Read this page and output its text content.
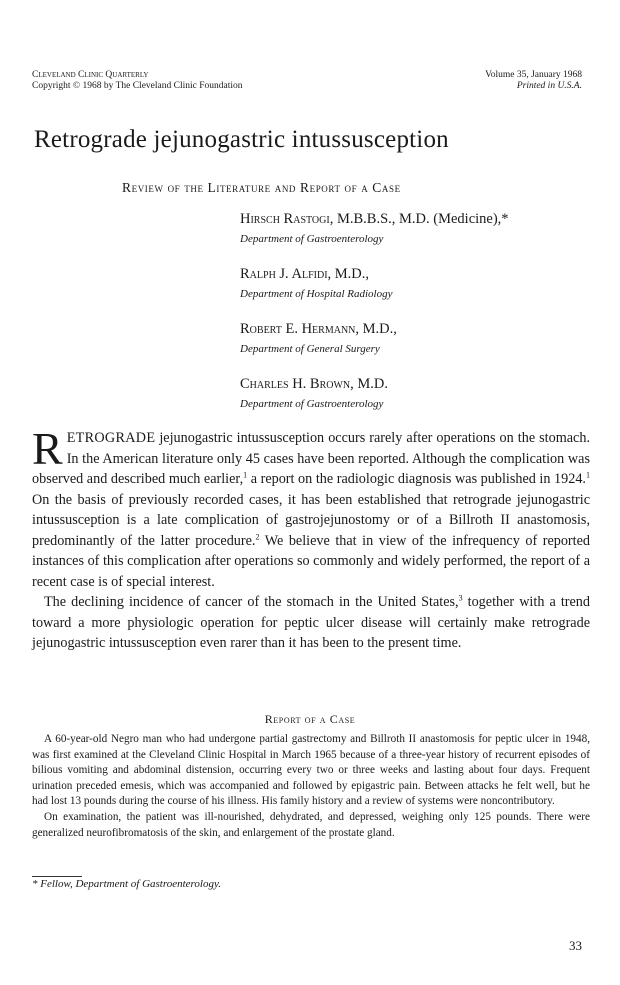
Cleveland Clinic Quarterly
Copyright © 1968 by The Cleveland Clinic Foundation
Volume 35, January 1968
Printed in U.S.A.
Retrograde jejunogastric intussusception
Review of the Literature and Report of a Case
Hirsch Rastogi, M.B.B.S., M.D. (Medicine),*
Department of Gastroenterology
Ralph J. Alfidi, M.D.,
Department of Hospital Radiology
Robert E. Hermann, M.D.,
Department of General Surgery
Charles H. Brown, M.D.
Department of Gastroenterology

RETROGRADE jejunogastric intussusception occurs rarely after operations on the stomach. In the American literature only 45 cases have been reported. Although the complication was observed and described much earlier,$^1$ a report on the radiologic diagnosis was published in 1924.$^1$ On the basis of previously recorded cases, it has been established that retrograde jejunogastric intussusception is a late complication of gastrojejunostomy or of a Billroth II anastomosis, predominantly of the latter procedure.$^2$ We believe that in view of the infrequency of reported instances of this complication after operations so commonly and widely performed, the report of a recent case is of special interest.

The declining incidence of cancer of the stomach in the United States,$^3$ together with a trend toward a more physiologic operation for peptic ulcer disease will certainly make retrograde jejunogastric intussusception even rarer than it has been to the present time.

Report of a Case

A 60-year-old Negro man who had undergone partial gastrectomy and Billroth II anastomosis for peptic ulcer in 1948, was first examined at the Cleveland Clinic Hospital in March 1965 because of a three-year history of recurrent episodes of bilious vomiting and abdominal distension, occurring every two or three weeks and lasting about four days. Frequent urination preceded emesis, which was accompanied and followed by epigastric pain. Between attacks he felt well, but he had lost 13 pounds during the course of his illness. His family history and a review of systems were noncontributory.

On examination, the patient was ill-nourished, dehydrated, and depressed, weighing only 125 pounds. There were generalized neurofibromatosis of the skin, and enlargement of the prostate gland.

* Fellow, Department of Gastroenterology.
33
